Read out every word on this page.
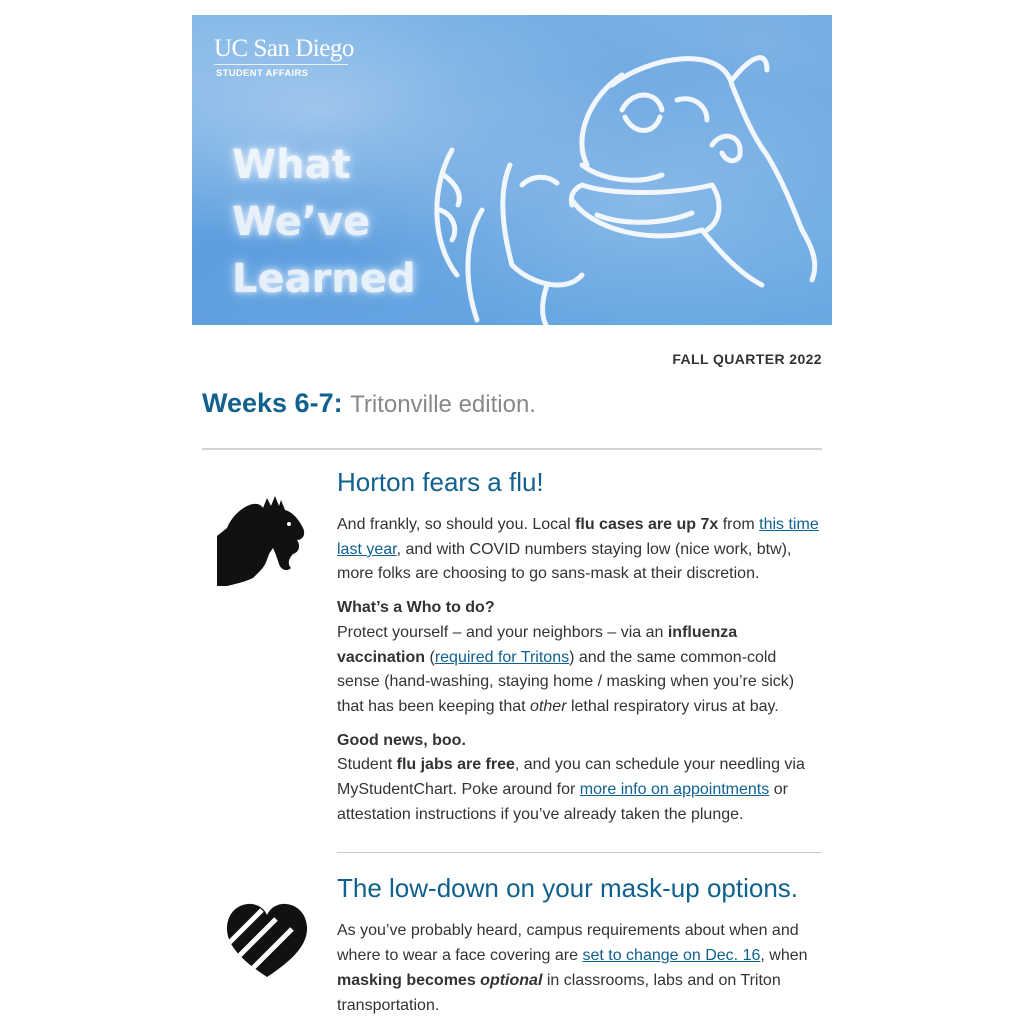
UC San Diego
STUDENT AFFAIRS
What
We’ve
Learned
FALL QUARTER 2022
Weeks 6-7: Tritonville edition.
Horton fears a flu!

And frankly, so should you. Local flu cases are up 7x from this time last year, and with COVID numbers staying low (nice work, btw), more folks are choosing to go sans-mask at their discretion.

What’s a Who to do?
Protect yourself – and your neighbors – via an influenza vaccination (required for Tritons) and the same common-cold sense (hand-washing, staying home / masking when you’re sick) that has been keeping that other lethal respiratory virus at bay.

Good news, boo.
Student flu jabs are free, and you can schedule your needling via MyStudentChart. Poke around for more info on appointments or attestation instructions if you’ve already taken the plunge.

The low-down on your mask-up options.

As you’ve probably heard, campus requirements about when and where to wear a face covering are set to change on Dec. 16, when masking becomes optional in classrooms, labs and on Triton transportation.
